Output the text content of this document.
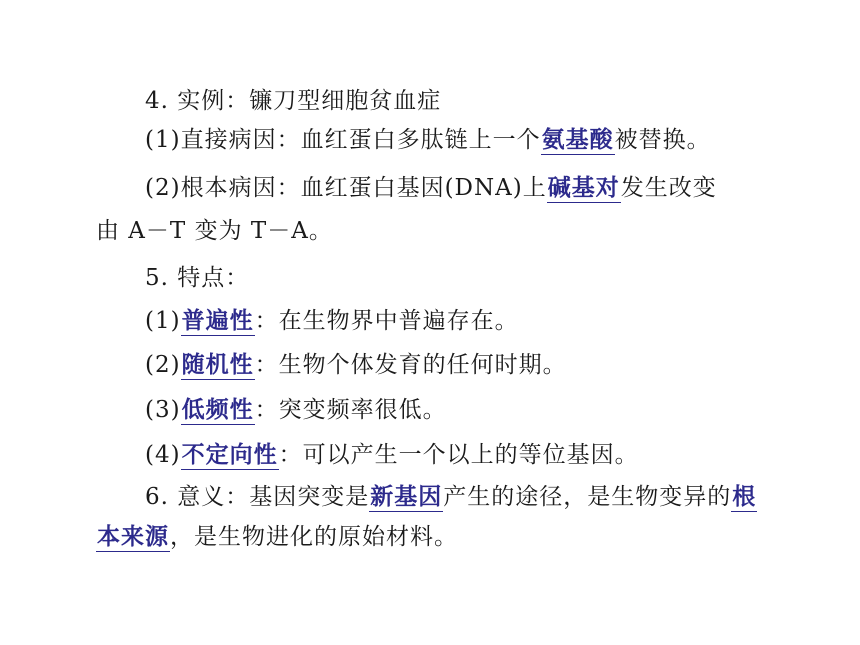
4. 实例：镰刀型细胞贫血症
(1)直接病因：血红蛋白多肽链上一个氨基酸被替换。
(2)根本病因：血红蛋白基因(DNA)上碱基对发生改变
由 A－T 变为 T－A。
5. 特点：
(1)普遍性：在生物界中普遍存在。
(2)随机性：生物个体发育的任何时期。
(3)低频性：突变频率很低。
(4)不定向性：可以产生一个以上的等位基因。
6. 意义：基因突变是新基因产生的途径，是生物变异的根
本来源，是生物进化的原始材料。
